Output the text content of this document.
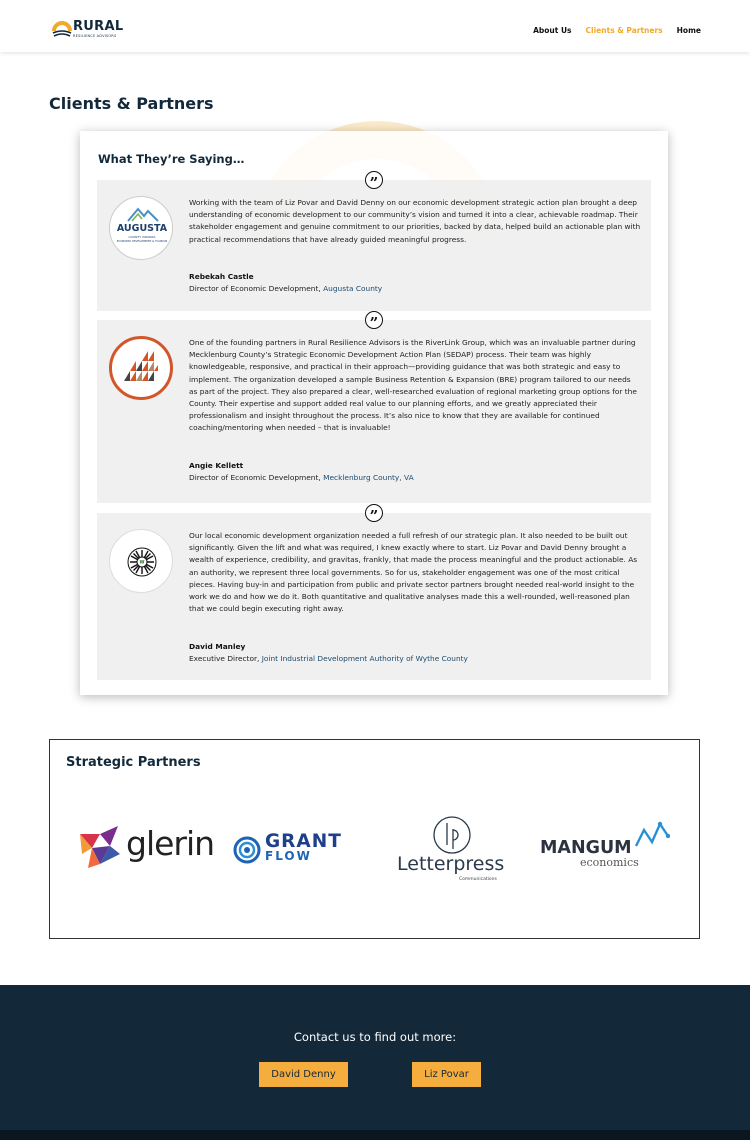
RURAL
RESILIENCE ADVISORS
About Us Clients & Partners Home
Clients & Partners
What They’re Saying…
”
AUGUSTA
COUNTY VIRGINIA
ECONOMIC DEVELOPMENT & TOURISM

Working with the team of Liz Povar and David Denny on our economic development strategic action plan brought a deep understanding of economic development to our community’s vision and turned it into a clear, achievable roadmap. Their stakeholder engagement and genuine commitment to our priorities, backed by data, helped build an actionable plan with practical recommendations that have already guided meaningful progress.

Rebekah Castle
Director of Economic Development, Augusta County
”

One of the founding partners in Rural Resilience Advisors is the RiverLink Group, which was an invaluable partner during Mecklenburg County’s Strategic Economic Development Action Plan (SEDAP) process. Their team was highly knowledgeable, responsive, and practical in their approach—providing guidance that was both strategic and easy to implement. The organization developed a sample Business Retention & Expansion (BRE) program tailored to our needs as part of the project. They also prepared a clear, well-researched evaluation of regional marketing group options for the County. Their expertise and support added real value to our planning efforts, and we greatly appreciated their professionalism and insight throughout the process. It’s also nice to know that they are available for continued coaching/mentoring when needed – that is invaluable!

Angie Kellett
Director of Economic Development, Mecklenburg County, VA
”
W

Our local economic development organization needed a full refresh of our strategic plan. It also needed to be built out significantly. Given the lift and what was required, I knew exactly where to start. Liz Povar and David Denny brought a wealth of experience, credibility, and gravitas, frankly, that made the process meaningful and the product actionable. As an authority, we represent three local governments. So for us, stakeholder engagement was one of the most critical pieces. Having buy-in and participation from public and private sector partners brought needed real-world insight to the work we do and how we do it. Both quantitative and qualitative analyses made this a well-rounded, well-reasoned plan that we could begin executing right away.

David Manley
Executive Director, Joint Industrial Development Authority of Wythe County
Strategic Partners
glerin	GRANT
FLOW	Letterpress
Communications
MANGUM
economics

Contact us to find out more:

David Denny	Liz Povar
